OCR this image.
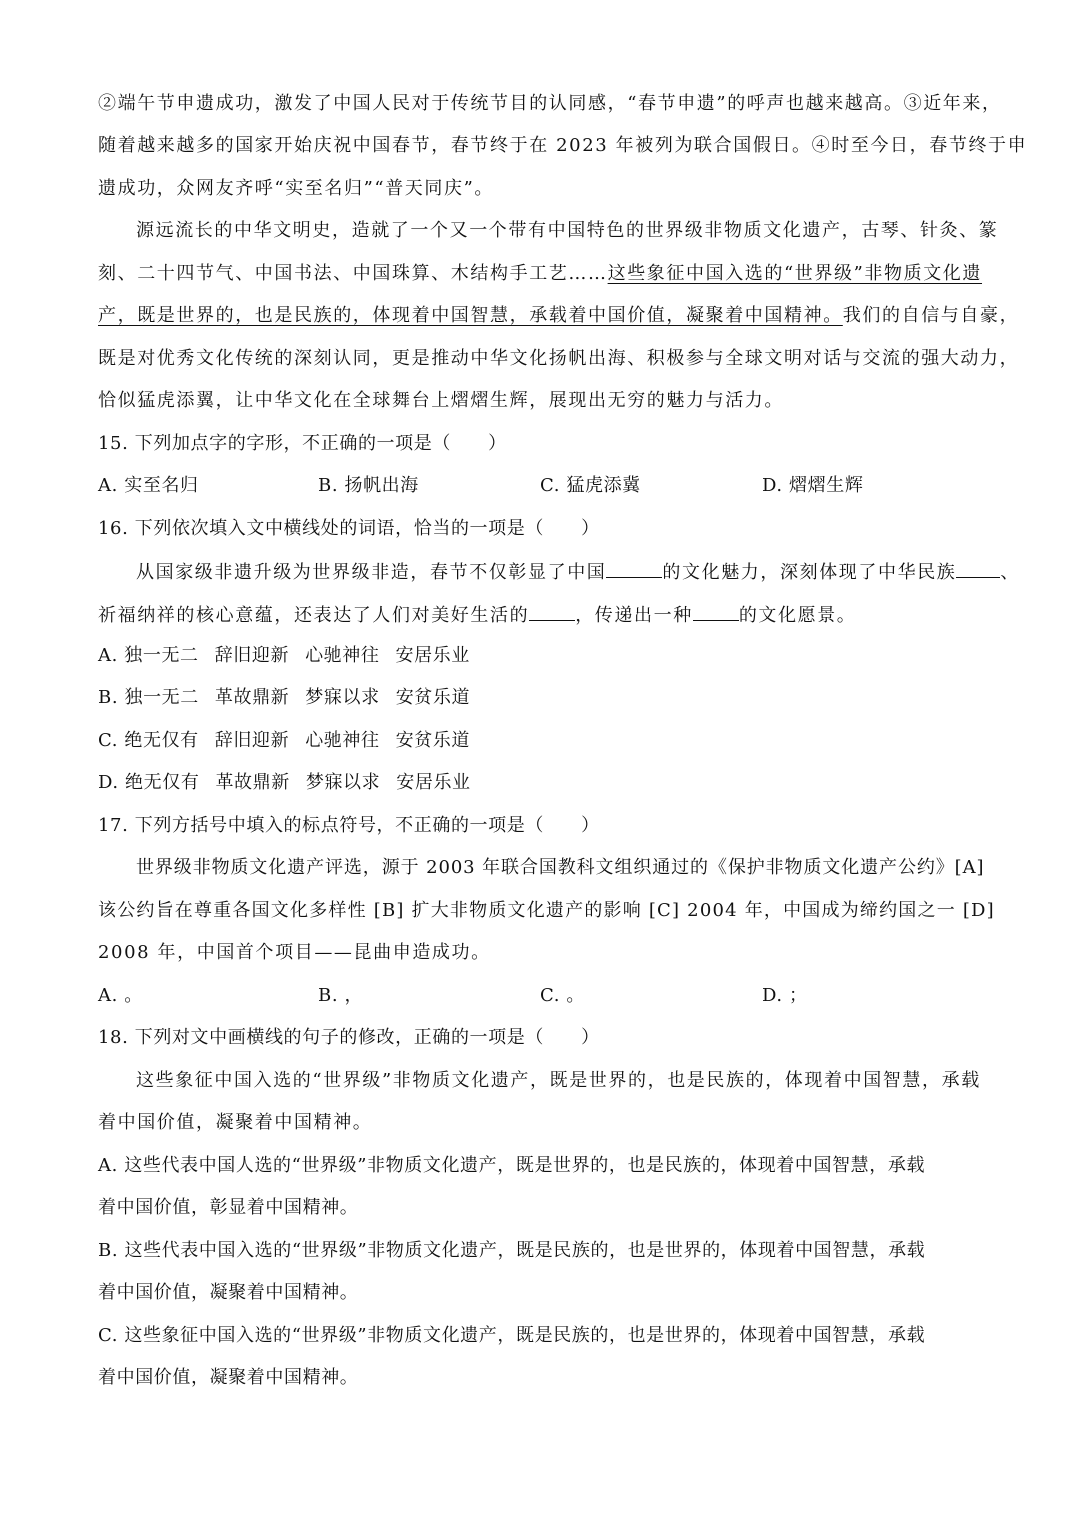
②端午节申遗成功，激发了中国人民对于传统节目的认同感，“春节申遗”的呼声也越来越高。③近年来，
随着越来越多的国家开始庆祝中国春节，春节终于在 2023 年被列为联合国假日。④时至今日，春节终于申
遗成功，众网友齐呼“实至名归”“普天同庆”。
源远流长的中华文明史，造就了一个又一个带有中国特色的世界级非物质文化遗产，古琴、针灸、篆
刻、二十四节气、中国书法、中国珠算、木结构手工艺……这些象征中国入选的“世界级”非物质文化遗
产，既是世界的，也是民族的，体现着中国智慧，承载着中国价值，凝聚着中国精神。我们的自信与自豪，
既是对优秀文化传统的深刻认同，更是推动中华文化扬帆出海、积极参与全球文明对话与交流的强大动力，
恰似猛虎添翼，让中华文化在全球舞台上熠熠生辉，展现出无穷的魅力与活力。
15. 下列加点字的字形，不正确的一项是（　　）
A. 实至名归	B. 扬帆出海	C. 猛虎添冀	D. 熠熠生辉
16. 下列依次填入文中横线处的词语，恰当的一项是（　　）
从国家级非遗升级为世界级非造，春节不仅彰显了中国	的文化魅力，深刻体现了中华民族 、
祈福纳祥的核心意蕴，还表达了人们对美好生活的	，传递出一种	的文化愿景。
A. 独一无二 辞旧迎新 心驰神往 安居乐业
B. 独一无二 革故鼎新 梦寐以求 安贫乐道
C. 绝无仅有 辞旧迎新 心驰神往 安贫乐道
D. 绝无仅有 革故鼎新 梦寐以求 安居乐业
17. 下列方括号中填入的标点符号，不正确的一项是（　　）
世界级非物质文化遗产评选，源于 2003 年联合国教科文组织通过的《保护非物质文化遗产公约》[A]
该公约旨在尊重各国文化多样性 [B] 扩大非物质文化遗产的影响 [C] 2004 年，中国成为缔约国之一 [D]
2008 年，中国首个项目——昆曲申造成功。
A. 。	B. ，	C. 。	D. ；
18. 下列对文中画横线的句子的修改，正确的一项是（　　）
这些象征中国入选的“世界级”非物质文化遗产，既是世界的，也是民族的，体现着中国智慧，承载
着中国价值，凝聚着中国精神。
A. 这些代表中国人选的“世界级”非物质文化遗产，既是世界的，也是民族的，体现着中国智慧，承载
着中国价值，彰显着中国精神。
B. 这些代表中国入选的“世界级”非物质文化遗产，既是民族的，也是世界的，体现着中国智慧，承载
着中国价值，凝聚着中国精神。
C. 这些象征中国入选的“世界级”非物质文化遗产，既是民族的，也是世界的，体现着中国智慧，承载
着中国价值，凝聚着中国精神。
